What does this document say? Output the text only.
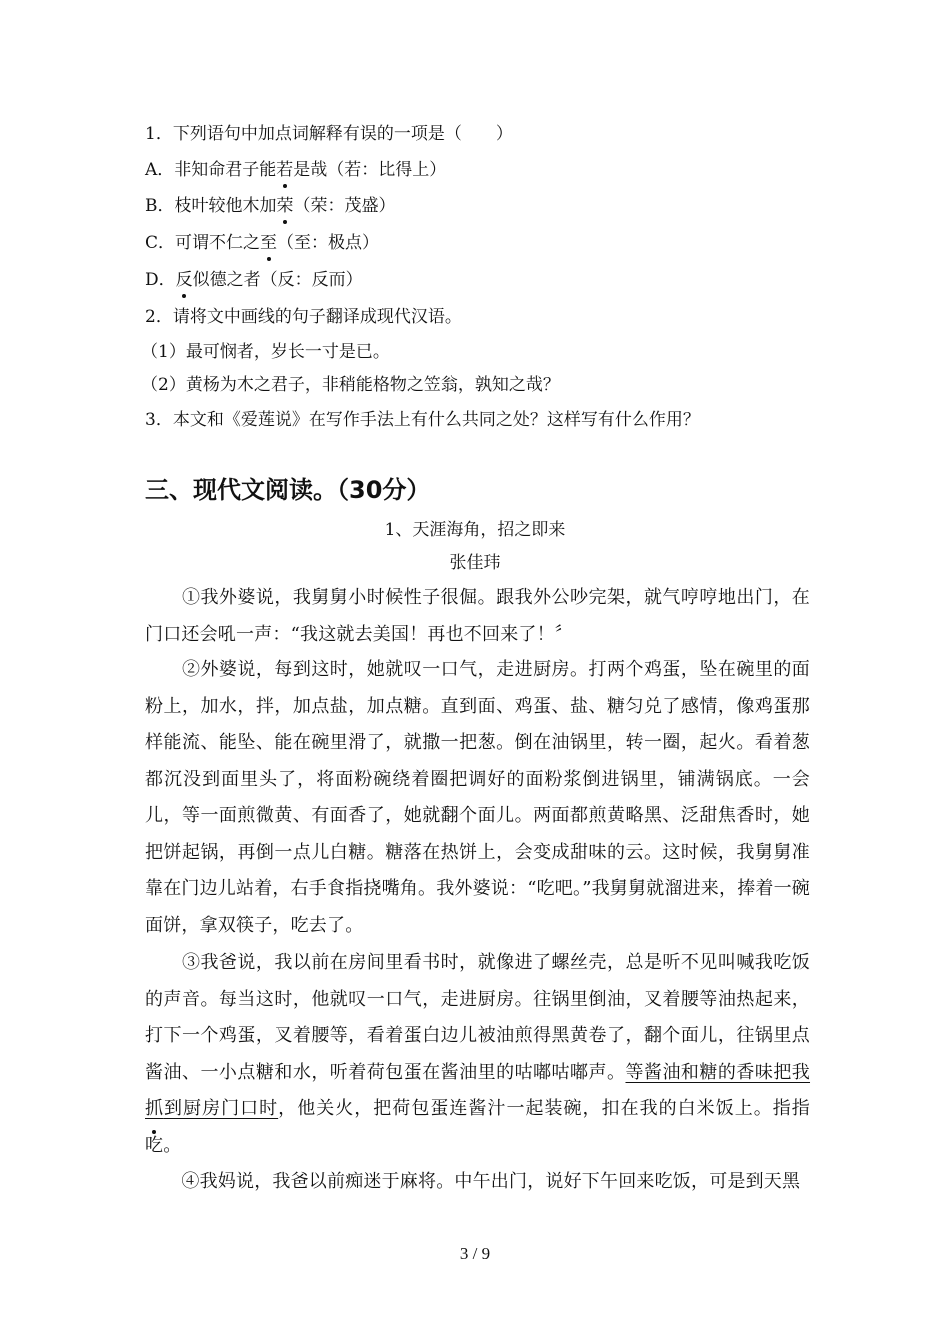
1．下列语句中加点词解释有误的一项是（　　）
A．非知命君子能若是哉（若：比得上）
B．枝叶较他木加荣（荣：茂盛）
C．可谓不仁之至（至：极点）
D．反似德之者（反：反而）
2．请将文中画线的句子翻译成现代汉语。
（1）最可悯者，岁长一寸是已。
（2）黄杨为木之君子，非稍能格物之笠翁，孰知之哉？
3．本文和《爱莲说》在写作手法上有什么共同之处？这样写有什么作用？
三、现代文阅读。（30分）
1、天涯海角，招之即来
张佳玮
　　①我外婆说，我舅舅小时候性子很倔。跟我外公吵完架，就气哼哼地出门，在门口还会吼一声：“我这就去美国！再也不回来了！〞
　　②外婆说，每到这时，她就叹一口气，走进厨房。打两个鸡蛋，坠在碗里的面粉上，加水，拌，加点盐，加点糖。直到面、鸡蛋、盐、糖匀兑了感情，像鸡蛋那样能流、能坠、能在碗里滑了，就撒一把葱。倒在油锅里，转一圈，起火。看着葱都沉没到面里头了，将面粉碗绕着圈把调好的面粉浆倒进锅里，铺满锅底。一会儿，等一面煎微黄、有面香了，她就翻个面儿。两面都煎黄略黑、泛甜焦香时，她把饼起锅，再倒一点儿白糖。糖落在热饼上，会变成甜味的云。这时候，我舅舅准靠在门边儿站着，右手食指挠嘴角。我外婆说：“吃吧。”我舅舅就溜进来，捧着一碗面饼，拿双筷子，吃去了。
　　③我爸说，我以前在房间里看书时，就像进了螺丝壳，总是听不见叫喊我吃饭的声音。每当这时，他就叹一口气，走进厨房。往锅里倒油，叉着腰等油热起来，打下一个鸡蛋，叉着腰等，看着蛋白边儿被油煎得黑黄卷了，翻个面儿，往锅里点酱油、一小点糖和水，听着荷包蛋在酱油里的咕嘟咕嘟声。等酱油和糖的香味把我抓到厨房门口时，他关火，把荷包蛋连酱汁一起装碗，扣在我的白米饭上。指指吃。
　　④我妈说，我爸以前痴迷于麻将。中午出门，说好下午回来吃饭，可是到天黑
3 / 9
